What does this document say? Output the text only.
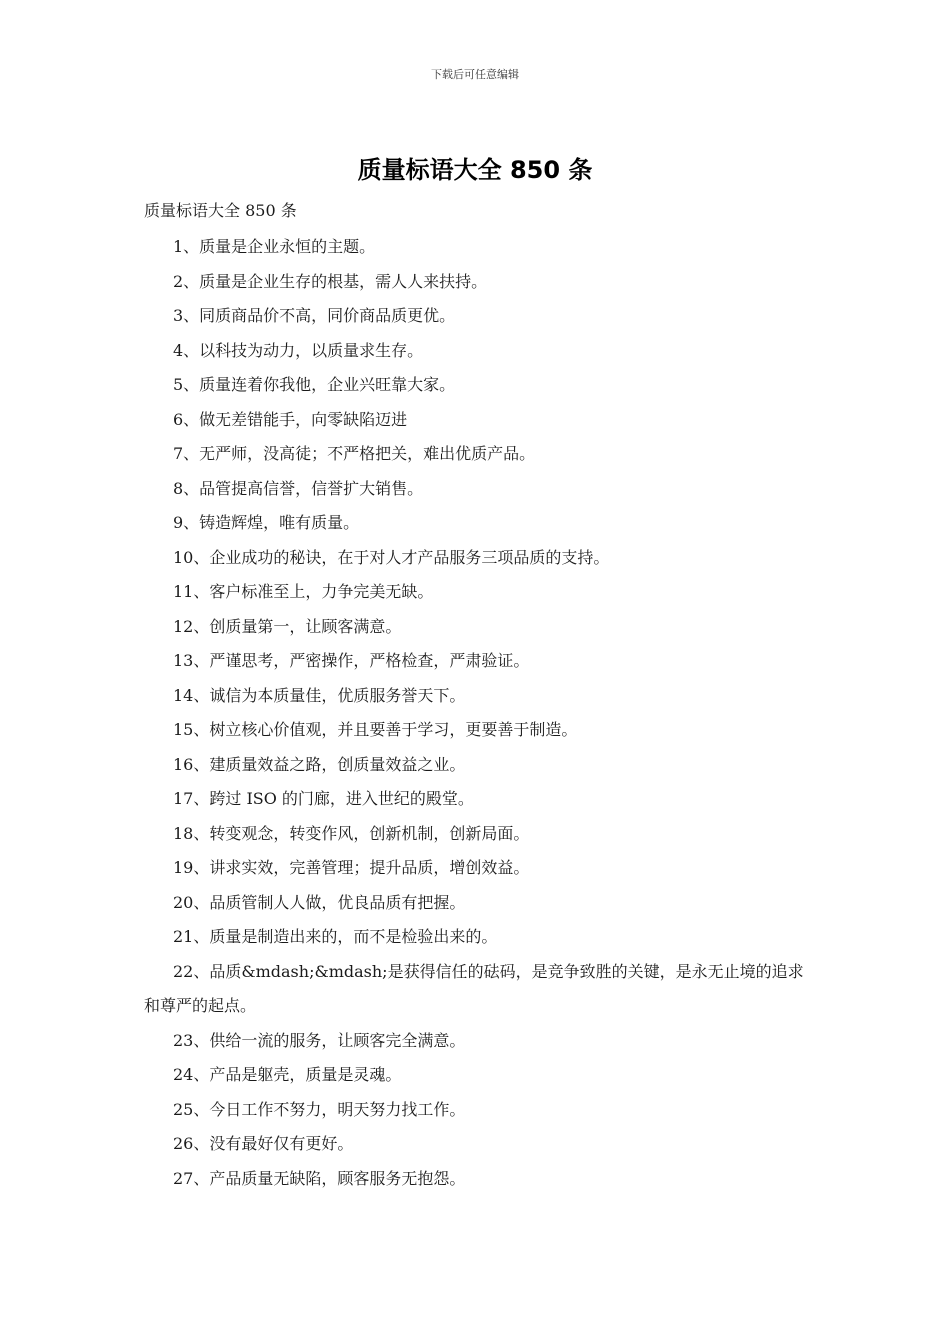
下载后可任意编辑
质量标语大全 850 条
质量标语大全 850 条
1、质量是企业永恒的主题。
2、质量是企业生存的根基，需人人来扶持。
3、同质商品价不高，同价商品质更优。
4、以科技为动力，以质量求生存。
5、质量连着你我他，企业兴旺靠大家。
6、做无差错能手，向零缺陷迈进
7、无严师，没高徒；不严格把关，难出优质产品。
8、品管提高信誉，信誉扩大销售。
9、铸造辉煌，唯有质量。
10、企业成功的秘诀，在于对人才产品服务三项品质的支持。
11、客户标准至上，力争完美无缺。
12、创质量第一，让顾客满意。
13、严谨思考，严密操作，严格检查，严肃验证。
14、诚信为本质量佳，优质服务誉天下。
15、树立核心价值观，并且要善于学习，更要善于制造。
16、建质量效益之路，创质量效益之业。
17、跨过 ISO 的门廊，进入世纪的殿堂。
18、转变观念，转变作风，创新机制，创新局面。
19、讲求实效，完善管理；提升品质，增创效益。
20、品质管制人人做，优良品质有把握。
21、质量是制造出来的，而不是检验出来的。
22、品质&mdash;&mdash;是获得信任的砝码，是竞争致胜的关键，是永无止境的追求和尊严的起点。
23、供给一流的服务，让顾客完全满意。
24、产品是躯壳，质量是灵魂。
25、今日工作不努力，明天努力找工作。
26、没有最好仅有更好。
27、产品质量无缺陷，顾客服务无抱怨。
